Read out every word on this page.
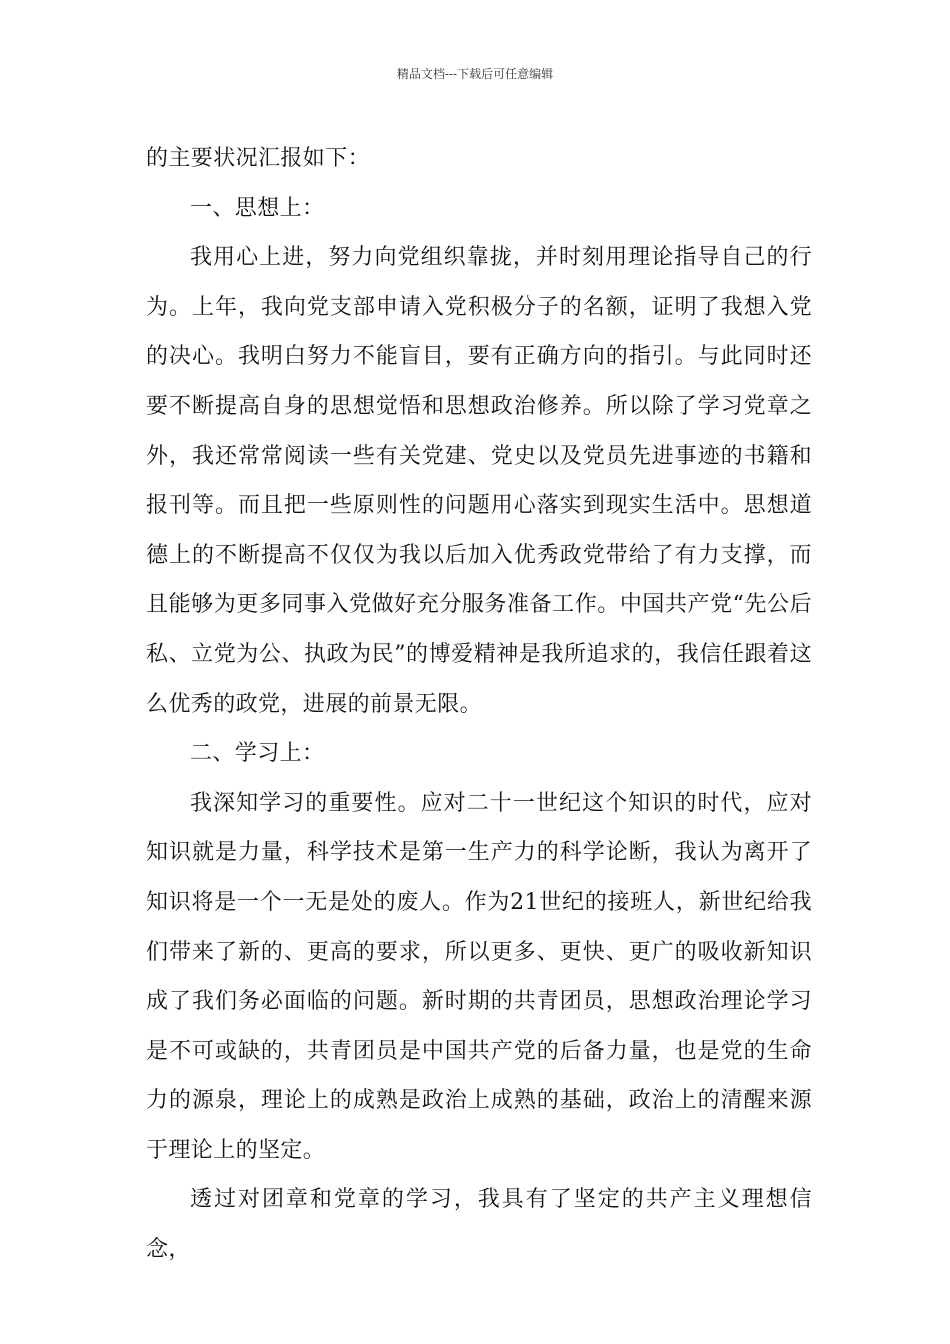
精品文档---下载后可任意编辑

的主要状况汇报如下：

一、思想上：

我用心上进，努力向党组织靠拢，并时刻用理论指导自己的行为。上年，我向党支部申请入党积极分子的名额，证明了我想入党的决心。我明白努力不能盲目，要有正确方向的指引。与此同时还要不断提高自身的思想觉悟和思想政治修养。所以除了学习党章之外，我还常常阅读一些有关党建、党史以及党员先进事迹的书籍和报刊等。而且把一些原则性的问题用心落实到现实生活中。思想道德上的不断提高不仅仅为我以后加入优秀政党带给了有力支撑，而且能够为更多同事入党做好充分服务准备工作。中国共产党“先公后私、立党为公、执政为民”的博爱精神是我所追求的，我信任跟着这么优秀的政党，进展的前景无限。

二、学习上：

我深知学习的重要性。应对二十一世纪这个知识的时代，应对知识就是力量，科学技术是第一生产力的科学论断，我认为离开了知识将是一个一无是处的废人。作为21世纪的接班人，新世纪给我们带来了新的、更高的要求，所以更多、更快、更广的吸收新知识成了我们务必面临的问题。新时期的共青团员，思想政治理论学习是不可或缺的，共青团员是中国共产党的后备力量，也是党的生命力的源泉，理论上的成熟是政治上成熟的基础，政治上的清醒来源于理论上的坚定。

透过对团章和党章的学习，我具有了坚定的共产主义理想信念，
